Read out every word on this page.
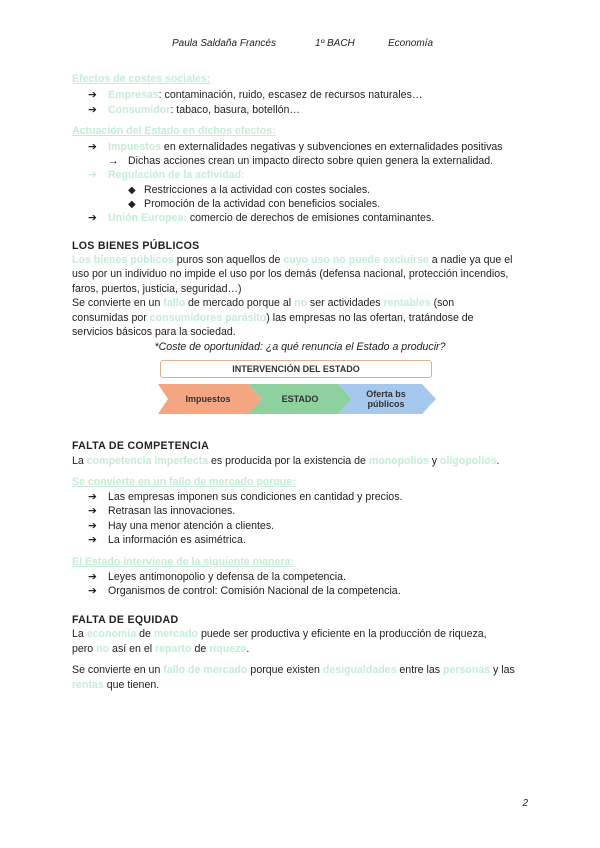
Paula Saldaña Francés	1º BACH	Economía
Efectos de costes sociales:
➔ Empresas: contaminación, ruido, escasez de recursos naturales…
➔ Consumidor: tabaco, basura, botellón…
Actuación del Estado en dichos efectos:
➔ Impuestos en externalidades negativas y subvenciones en externalidades positivas
→ Dichas acciones crean un impacto directo sobre quien genera la externalidad.
➔ Regulación de la actividad:
◆ Restricciones a la actividad con costes sociales.
◆ Promoción de la actividad con beneficios sociales.
➔ Unión Europea: comercio de derechos de emisiones contaminantes.
LOS BIENES PÚBLICOS
Los bienes públicos puros son aquellos de cuyo uso no puede excluirse a nadie ya que el
uso por un individuo no impide el uso por los demás (defensa nacional, protección incendios,
faros, puertos, justicia, seguridad…)
Se convierte en un fallo de mercado porque al no ser actividades rentables (son
consumidas por consumidores parásito) las empresas no las ofertan, tratándose de
servicios básicos para la sociedad.
*Coste de oportunidad: ¿a qué renuncia el Estado a producir?
INTERVENCIÓN DEL ESTADO
Impuestos	ESTADO	Oferta bs públicos
FALTA DE COMPETENCIA
La competencia imperfecta es producida por la existencia de monopolios y oligopolios.
Se convierte en un fallo de mercado porque:
➔ Las empresas imponen sus condiciones en cantidad y precios.
➔ Retrasan las innovaciones.
➔ Hay una menor atención a clientes.
➔ La información es asimétrica.
El Estado interviene de la siguiente manera:
➔ Leyes antimonopolio y defensa de la competencia.
➔ Organismos de control: Comisión Nacional de la competencia.
FALTA DE EQUIDAD
La economía de mercado puede ser productiva y eficiente en la producción de riqueza,
pero no así en el reparto de riqueza.
Se convierte en un fallo de mercado porque existen desigualdades entre las personas y las
rentas que tienen.
2
